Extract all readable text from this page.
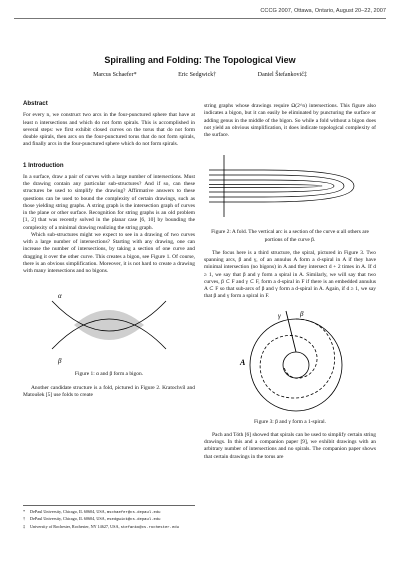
CCCG 2007, Ottawa, Ontario, August 20–22, 2007
Spiralling and Folding: The Topological View
Marcus Schaefer*	Eric Sedgwick†	Daniel Štefankovič‡
Abstract

For every n, we construct two arcs in the four-punctured sphere that have at least n intersections and which do not form spirals. This is accomplished in several steps: we first exhibit closed curves on the torus that do not form double spirals, then arcs on the four-punctured torus that do not form spirals, and finally arcs in the four-punctured sphere which do not form spirals.

1 Introduction

In a surface, draw a pair of curves with a large number of intersections. Must the drawing contain any particular sub-structures? And if so, can these structures be used to simplify the drawing? Affirmative answers to these questions can be used to bound the complexity of certain drawings, such as those yielding string graphs. A string graph is the intersection graph of curves in the plane or other surface. Recognition for string graphs is an old problem [1, 2] that was recently solved in the planar case [6, 10] by bounding the complexity of a minimal drawing realizing the string graph.

Which sub-structures might we expect to see in a drawing of two curves with a large number of intersections? Starting with any drawing, one can increase the number of intersections, by taking a section of one curve and dragging it over the other curve. This creates a bigon, see Figure 1. Of course, there is an obvious simplification. Moreover, it is not hard to create a drawing with many intersections and no bigons.

α
β
Figure 1: α and β form a bigon.

Another candidate structure is a fold, pictured in Figure 2. Kratochvíl and Matoušek [5] use folds to create

string graphs whose drawings require Ω(2^n) intersections. This figure also indicates a bigon, but it can easily be eliminated by puncturing the surface or adding genus in the middle of the bigon. So while a fold without a bigon does not yield an obvious simplification, it does indicate topological complexity of the surface.

Figure 2: A fold. The vertical arc is a section of the curve α all others are portions of the curve β.

The focus here is a third structure, the spiral, pictured in Figure 3. Two spanning arcs, β and γ, of an annulus A form a d-spiral in A if they have minimal intersection (no bigons) in A and they intersect d + 2 times in A. If d ≥ 1, we say that β and γ form a spiral in A. Similarly, we will say that two curves, β ⊂ F and γ ⊂ F, form a d-spiral in F if there is an embedded annulus A ⊂ F so that sub-arcs of β and γ form a d-spiral in A. Again, if d ≥ 1, we say that β and γ form a spiral in F.

γ	β
A
Figure 3: β and γ form a 1-spiral.

Pach and Tóth [6] showed that spirals can be used to simplify certain string drawings. In this and a companion paper [9], we exhibit drawings with an arbitrary number of intersections and no spirals. The companion paper shows that certain drawings in the torus are

*	DePaul University, Chicago, IL 60604, USA, mschaefer@cs.depaul.edu
†	DePaul University, Chicago, IL 60604, USA, esedgwick@cs.depaul.edu
‡	University of Rochester, Rochester, NY 14627, USA, stefanko@cs.rochester.edu
